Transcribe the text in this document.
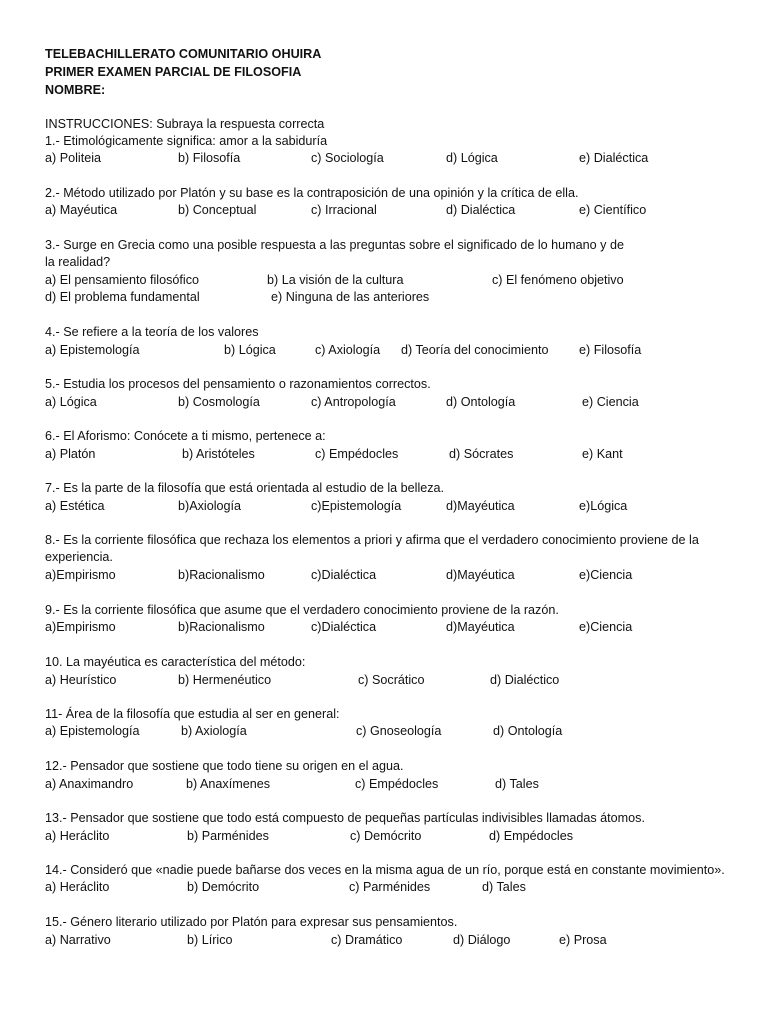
TELEBACHILLERATO COMUNITARIO OHUIRA
PRIMER EXAMEN PARCIAL DE FILOSOFIA
NOMBRE:
INSTRUCCIONES: Subraya la respuesta correcta
1.- Etimológicamente significa: amor a la sabiduría
a) Politeia	b) Filosofía	c) Sociología	d) Lógica	e) Dialéctica
2.- Método utilizado por Platón y su base es la contraposición de una opinión y la crítica de ella.
a) Mayéutica	b) Conceptual	c) Irracional	d) Dialéctica	e) Científico
3.- Surge en Grecia como una posible respuesta a las preguntas sobre el significado de lo humano y de
la realidad?
a) El pensamiento filosófico	b) La visión de la cultura	c) El fenómeno objetivo
d) El problema fundamental	e) Ninguna de las anteriores
4.- Se refiere a la teoría de los valores
a) Epistemología	b) Lógica	c) Axiología d) Teoría del conocimiento e) Filosofía
5.- Estudia los procesos del pensamiento o razonamientos correctos.
a) Lógica	b) Cosmología	c) Antropología	d) Ontología	e) Ciencia
6.- El Aforismo: Conócete a ti mismo, pertenece a:
a) Platón	b) Aristóteles	c) Empédocles	d) Sócrates	e) Kant
7.- Es la parte de la filosofía que está orientada al estudio de la belleza.
a) Estética	b)Axiología	c)Epistemología	d)Mayéutica	e)Lógica
8.- Es la corriente filosófica que rechaza los elementos a priori y afirma que el verdadero conocimiento proviene de la
experiencia.
a)Empirismo	b)Racionalismo	c)Dialéctica	d)Mayéutica	e)Ciencia
9.- Es la corriente filosófica que asume que el verdadero conocimiento proviene de la razón.
a)Empirismo	b)Racionalismo	c)Dialéctica	d)Mayéutica	e)Ciencia
10. La mayéutica es característica del método:
a) Heurístico	b) Hermenéutico	c) Socrático	d) Dialéctico
11- Área de la filosofía que estudia al ser en general:
a) Epistemología	b) Axiología	c) Gnoseología	d) Ontología
12.- Pensador que sostiene que todo tiene su origen en el agua.
a) Anaximandro	b) Anaxímenes	c) Empédocles	d) Tales
13.- Pensador que sostiene que todo está compuesto de pequeñas partículas indivisibles llamadas átomos.
a) Heráclito	b) Parménides	c) Demócrito	d) Empédocles
14.- Consideró que «nadie puede bañarse dos veces en la misma agua de un río, porque está en constante movimiento».
a) Heráclito	b) Demócrito	c) Parménides	d) Tales
15.- Género literario utilizado por Platón para expresar sus pensamientos.
a) Narrativo	b) Lírico	c) Dramático	d) Diálogo	e) Prosa
